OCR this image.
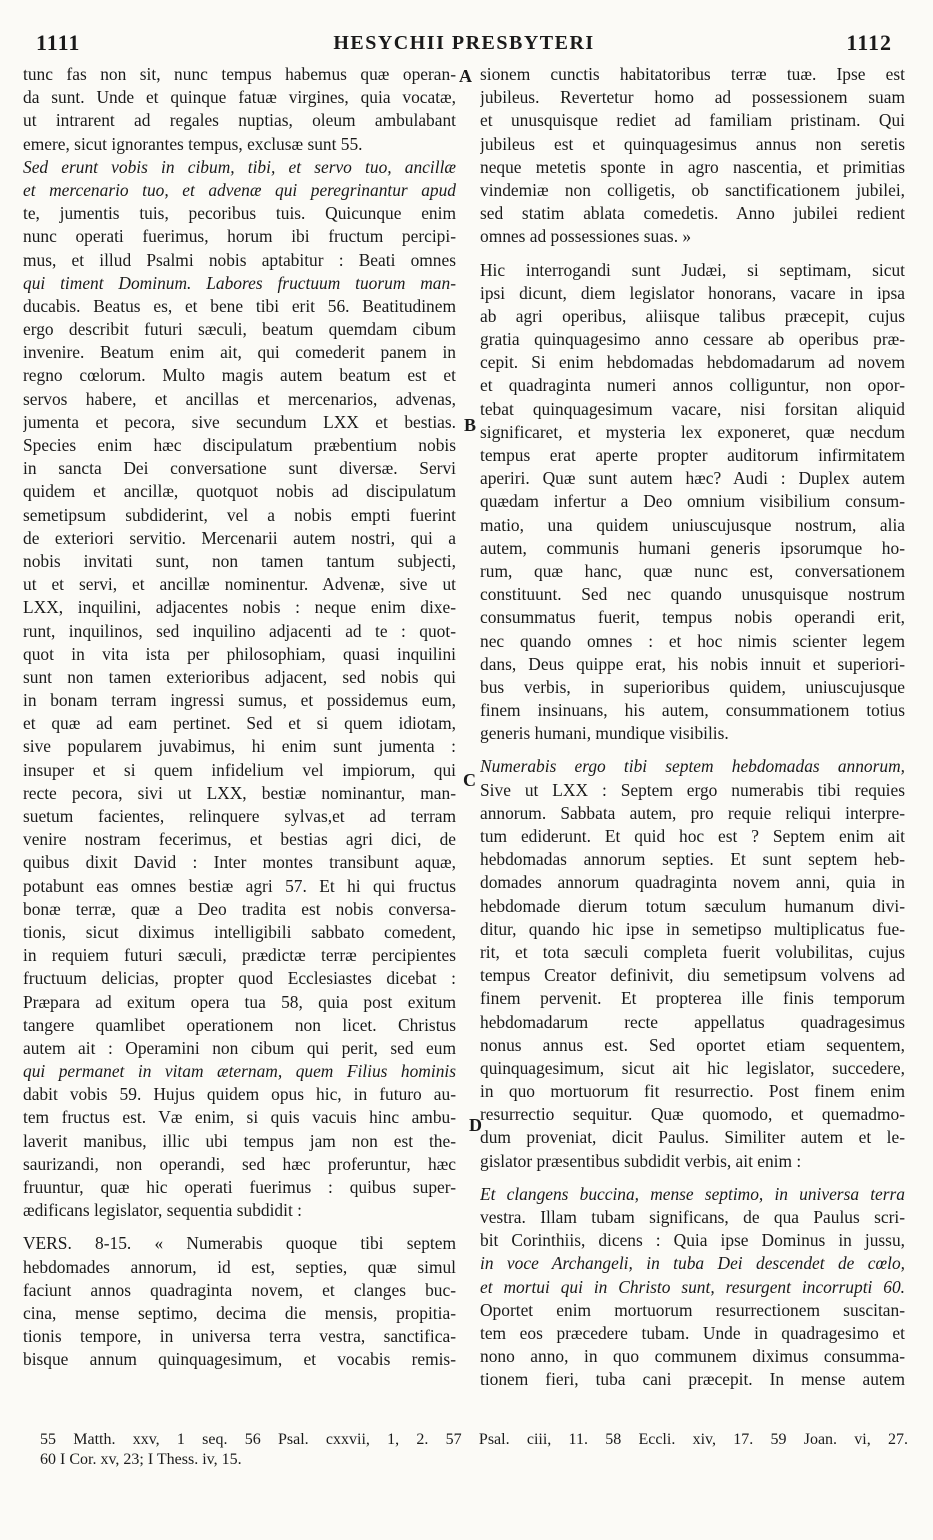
1111	HESYCHII PRESBYTERI	1112
tunc fas non sit, nunc tempus habemus quæ operan-
da sunt. Unde et quinque fatuæ virgines, quia vocatæ,
ut intrarent ad regales nuptias, oleum ambulabant
emere, sicut ignorantes tempus, exclusæ sunt 55.
Sed erunt vobis in cibum, tibi, et servo tuo, ancillæ
et mercenario tuo, et advenæ qui peregrinantur apud
te, jumentis tuis, pecoribus tuis. Quicunque enim
nunc operati fuerimus, horum ibi fructum percipi-
mus, et illud Psalmi nobis aptabitur : Beati omnes
qui timent Dominum. Labores fructuum tuorum man-
ducabis. Beatus es, et bene tibi erit 56. Beatitudinem
ergo describit futuri sæculi, beatum quemdam cibum
invenire. Beatum enim ait, qui comederit panem in
regno cœlorum. Multo magis autem beatum est et
servos habere, et ancillas et mercenarios, advenas,
jumenta et pecora, sive secundum LXX et bestias.
Species enim hæc discipulatum præbentium nobis
in sancta Dei conversatione sunt diversæ. Servi
quidem et ancillæ, quotquot nobis ad discipulatum
semetipsum subdiderint, vel a nobis empti fuerint
de exteriori servitio. Mercenarii autem nostri, qui a
nobis invitati sunt, non tamen tantum subjecti,
ut et servi, et ancillæ nominentur. Advenæ, sive ut
LXX, inquilini, adjacentes nobis : neque enim dixe-
runt, inquilinos, sed inquilino adjacenti ad te : quot-
quot in vita ista per philosophiam, quasi inquilini
sunt non tamen exterioribus adjacent, sed nobis qui
in bonam terram ingressi sumus, et possidemus eum,
et quæ ad eam pertinet. Sed et si quem idiotam,
sive popularem juvabimus, hi enim sunt jumenta :
insuper et si quem infidelium vel impiorum, qui
recte pecora, sivi ut LXX, bestiæ nominantur, man-
suetum facientes, relinquere sylvas,et ad terram
venire nostram fecerimus, et bestias agri dici, de
quibus dixit David : Inter montes transibunt aquæ,
potabunt eas omnes bestiæ agri 57. Et hi qui fructus
bonæ terræ, quæ a Deo tradita est nobis conversa-
tionis, sicut diximus intelligibili sabbato comedent,
in requiem futuri sæculi, prædictæ terræ percipientes
fructuum delicias, propter quod Ecclesiastes dicebat :
Præpara ad exitum opera tua 58, quia post exitum
tangere quamlibet operationem non licet. Christus
autem ait : Operamini non cibum qui perit, sed eum
qui permanet in vitam æternam, quem Filius hominis
dabit vobis 59. Hujus quidem opus hic, in futuro au-
tem fructus est. Væ enim, si quis vacuis hinc ambu-
laverit manibus, illic ubi tempus jam non est the-
saurizandi, non operandi, sed hæc proferuntur, hæc
fruuntur, quæ hic operati fuerimus : quibus super-
ædificans legislator, sequentia subdidit :
VERS. 8-15. « Numerabis quoque tibi septem
hebdomades annorum, id est, septies, quæ simul
faciunt annos quadraginta novem, et clanges buc-
cina, mense septimo, decima die mensis, propitia-
tionis tempore, in universa terra vestra, sanctifica-
bisque annum quinquagesimum, et vocabis remis-
sionem cunctis habitatoribus terræ tuæ. Ipse est
jubileus. Revertetur homo ad possessionem suam
et unusquisque rediet ad familiam pristinam. Qui
jubileus est et quinquagesimus annus non seretis
neque metetis sponte in agro nascentia, et primitias
vindemiæ non colligetis, ob sanctificationem jubilei,
sed statim ablata comedetis. Anno jubilei redient
omnes ad possessiones suas. »
Hic interrogandi sunt Judæi, si septimam, sicut
ipsi dicunt, diem legislator honorans, vacare in ipsa
ab agri operibus, aliisque talibus præcepit, cujus
gratia quinquagesimo anno cessare ab operibus præ-
cepit. Si enim hebdomadas hebdomadarum ad novem
et quadraginta numeri annos colliguntur, non opor-
tebat quinquagesimum vacare, nisi forsitan aliquid
significaret, et mysteria lex exponeret, quæ necdum
tempus erat aperte propter auditorum infirmitatem
aperiri. Quæ sunt autem hæc? Audi : Duplex autem
quædam infertur a Deo omnium visibilium consum-
matio, una quidem uniuscujusque nostrum, alia
autem, communis humani generis ipsorumque ho-
rum, quæ hanc, quæ nunc est, conversationem
constituunt. Sed nec quando unusquisque nostrum
consummatus fuerit, tempus nobis operandi erit,
nec quando omnes : et hoc nimis scienter legem
dans, Deus quippe erat, his nobis innuit et superiori-
bus verbis, in superioribus quidem, uniuscujusque
finem insinuans, his autem, consummationem totius
generis humani, mundique visibilis.
Numerabis ergo tibi septem hebdomadas annorum,
Sive ut LXX : Septem ergo numerabis tibi requies
annorum. Sabbata autem, pro requie reliqui interpre-
tum ediderunt. Et quid hoc est ? Septem enim ait
hebdomadas annorum septies. Et sunt septem heb-
domades annorum quadraginta novem anni, quia in
hebdomade dierum totum sæculum humanum divi-
ditur, quando hic ipse in semetipso multiplicatus fue-
rit, et tota sæculi completa fuerit volubilitas, cujus
tempus Creator definivit, diu semetipsum volvens ad
finem pervenit. Et propterea ille finis temporum
hebdomadarum recte appellatus quadragesimus
nonus annus est. Sed oportet etiam sequentem,
quinquagesimum, sicut ait hic legislator, succedere,
in quo mortuorum fit resurrectio. Post finem enim
resurrectio sequitur. Quæ quomodo, et quemadmo-
dum proveniat, dicit Paulus. Similiter autem et le-
gislator præsentibus subdidit verbis, ait enim :
Et clangens buccina, mense septimo, in universa terra
vestra. Illam tubam significans, de qua Paulus scri-
bit Corinthiis, dicens : Quia ipse Dominus in jussu,
in voce Archangeli, in tuba Dei descendet de cœlo,
et mortui qui in Christo sunt, resurgent incorrupti 60.
Oportet enim mortuorum resurrectionem suscitan-
tem eos præcedere tubam. Unde in quadragesimo et
nono anno, in quo communem diximus consumma-
tionem fieri, tuba cani præcepit. In mense autem
A
B
C
D
55 Matth. xxv, 1 seq. 56 Psal. cxxvii, 1, 2. 57 Psal. ciii, 11. 58 Eccli. xiv, 17. 59 Joan. vi, 27.
60 I Cor. xv, 23; I Thess. iv, 15.
